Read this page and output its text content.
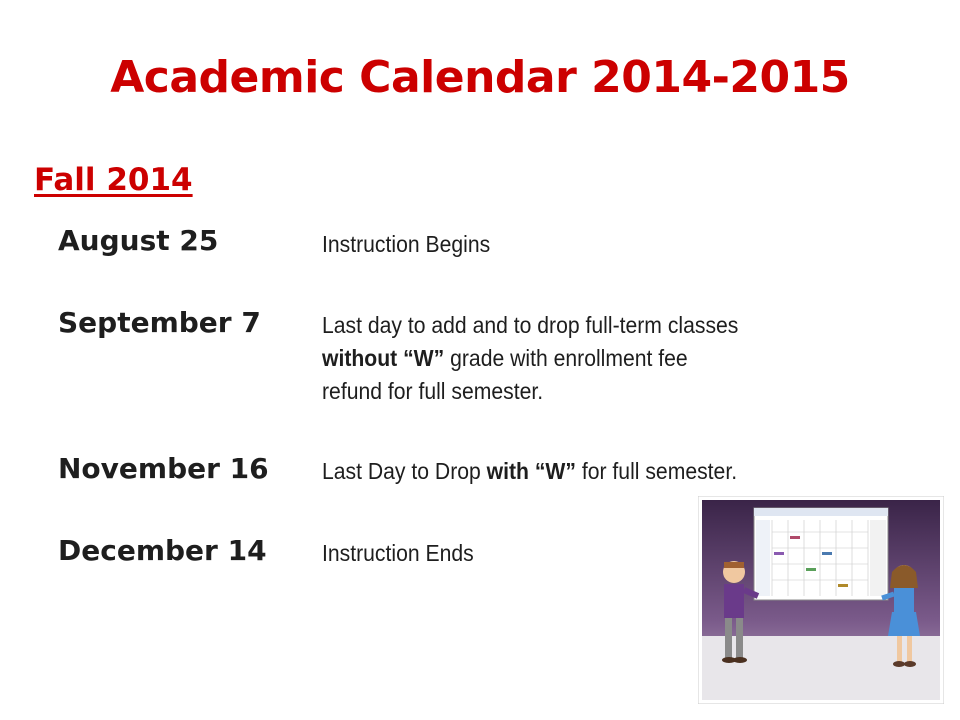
Academic Calendar 2014-2015
Fall 2014
August 25	Instruction Begins
September 7	Last day to add and to drop full-term classes
without “W” grade with enrollment fee
refund for full semester.
November 16 Last Day to Drop with “W” for full semester.
December 14 Instruction Ends
